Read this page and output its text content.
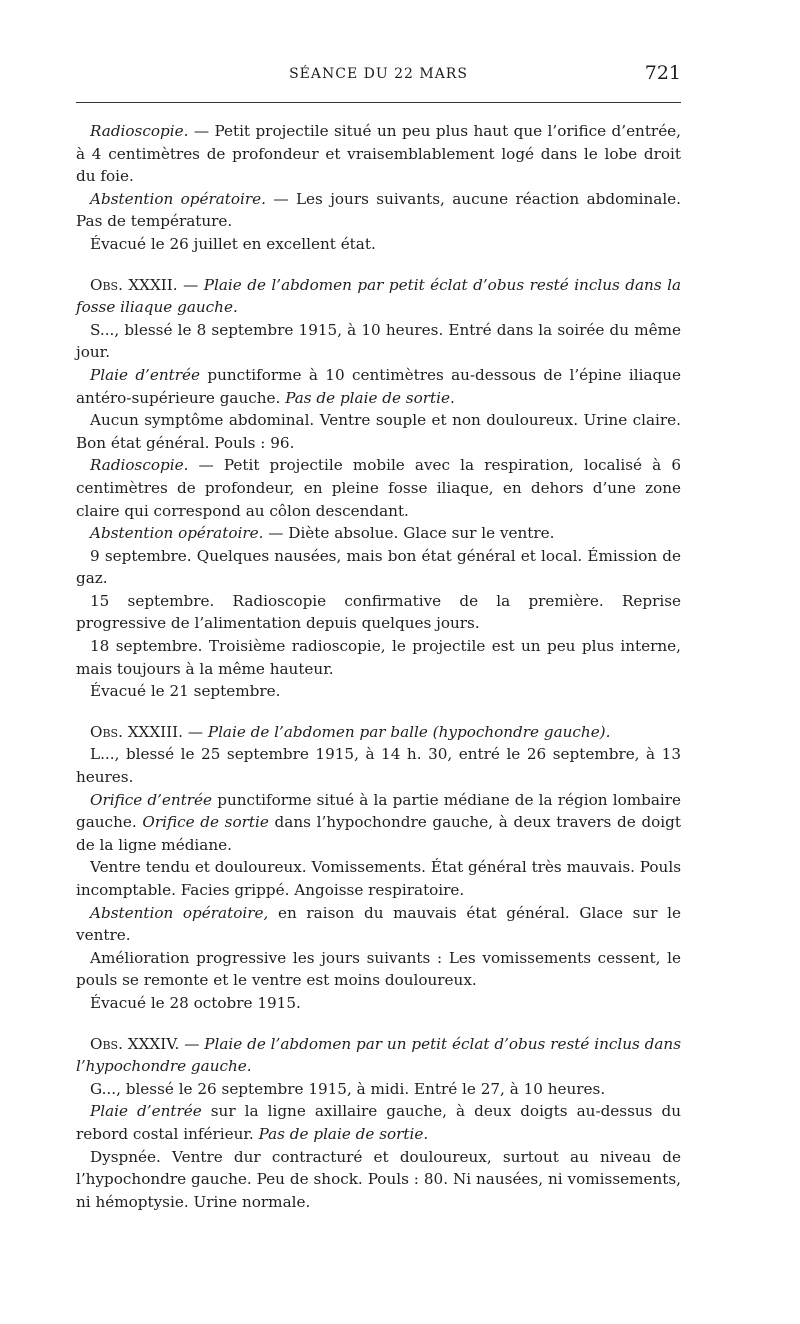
SÉANCE DU 22 MARS	721

Radioscopie. — Petit projectile situé un peu plus haut que l’orifice d’entrée, à 4 centimètres de profondeur et vraisemblablement logé dans le lobe droit du foie.

Abstention opératoire. — Les jours suivants, aucune réaction abdominale. Pas de température.

Évacué le 26 juillet en excellent état.

Obs. XXXII. — Plaie de l’abdomen par petit éclat d’obus resté inclus dans la fosse iliaque gauche.

S..., blessé le 8 septembre 1915, à 10 heures. Entré dans la soirée du même jour.

Plaie d’entrée punctiforme à 10 centimètres au-dessous de l’épine iliaque antéro-supérieure gauche. Pas de plaie de sortie.

Aucun symptôme abdominal. Ventre souple et non douloureux. Urine claire. Bon état général. Pouls : 96.

Radioscopie. — Petit projectile mobile avec la respiration, localisé à 6 centimètres de profondeur, en pleine fosse iliaque, en dehors d’une zone claire qui correspond au côlon descendant.

Abstention opératoire. — Diète absolue. Glace sur le ventre.

9 septembre. Quelques nausées, mais bon état général et local. Émission de gaz.

15 septembre. Radioscopie confirmative de la première. Reprise progressive de l’alimentation depuis quelques jours.

18 septembre. Troisième radioscopie, le projectile est un peu plus interne, mais toujours à la même hauteur.

Évacué le 21 septembre.

Obs. XXXIII. — Plaie de l’abdomen par balle (hypochondre gauche).

L..., blessé le 25 septembre 1915, à 14 h. 30, entré le 26 septembre, à 13 heures.

Orifice d’entrée punctiforme situé à la partie médiane de la région lombaire gauche. Orifice de sortie dans l’hypochondre gauche, à deux travers de doigt de la ligne médiane.

Ventre tendu et douloureux. Vomissements. État général très mauvais. Pouls incomptable. Facies grippé. Angoisse respiratoire.

Abstention opératoire, en raison du mauvais état général. Glace sur le ventre.

Amélioration progressive les jours suivants : Les vomissements cessent, le pouls se remonte et le ventre est moins douloureux.

Évacué le 28 octobre 1915.

Obs. XXXIV. — Plaie de l’abdomen par un petit éclat d’obus resté inclus dans l’hypochondre gauche.

G..., blessé le 26 septembre 1915, à midi. Entré le 27, à 10 heures.

Plaie d’entrée sur la ligne axillaire gauche, à deux doigts au-dessus du rebord costal inférieur. Pas de plaie de sortie.

Dyspnée. Ventre dur contracturé et douloureux, surtout au niveau de l’hypochondre gauche. Peu de shock. Pouls : 80. Ni nausées, ni vomissements, ni hémoptysie. Urine normale.
